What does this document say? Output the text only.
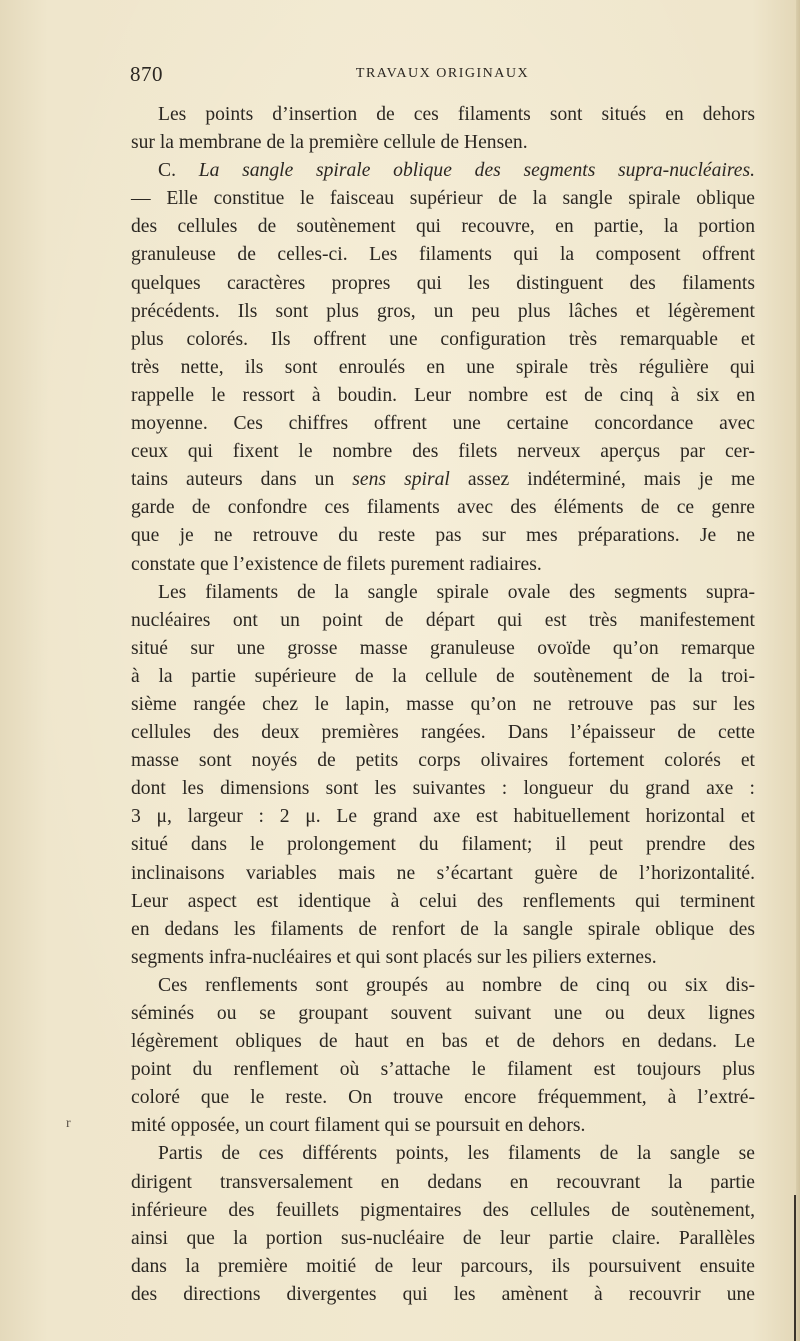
870	TRAVAUX ORIGINAUX
Les points d’insertion de ces filaments sont situés en dehors
sur la membrane de la première cellule de Hensen.
C. La sangle spirale oblique des segments supra-nucléaires.
— Elle constitue le faisceau supérieur de la sangle spirale oblique
des cellules de soutènement qui recouvre, en partie, la portion
granuleuse de celles-ci. Les filaments qui la composent offrent
quelques caractères propres qui les distinguent des filaments
précédents. Ils sont plus gros, un peu plus lâches et légèrement
plus colorés. Ils offrent une configuration très remarquable et
très nette, ils sont enroulés en une spirale très régulière qui
rappelle le ressort à boudin. Leur nombre est de cinq à six en
moyenne. Ces chiffres offrent une certaine concordance avec
ceux qui fixent le nombre des filets nerveux aperçus par cer-
tains auteurs dans un sens spiral assez indéterminé, mais je me
garde de confondre ces filaments avec des éléments de ce genre
que je ne retrouve du reste pas sur mes préparations. Je ne
constate que l’existence de filets purement radiaires.
Les filaments de la sangle spirale ovale des segments supra-
nucléaires ont un point de départ qui est très manifestement
situé sur une grosse masse granuleuse ovoïde qu’on remarque
à la partie supérieure de la cellule de soutènement de la troi-
sième rangée chez le lapin, masse qu’on ne retrouve pas sur les
cellules des deux premières rangées. Dans l’épaisseur de cette
masse sont noyés de petits corps olivaires fortement colorés et
dont les dimensions sont les suivantes : longueur du grand axe :
3 μ, largeur : 2 μ. Le grand axe est habituellement horizontal et
situé dans le prolongement du filament; il peut prendre des
inclinaisons variables mais ne s’écartant guère de l’horizontalité.
Leur aspect est identique à celui des renflements qui terminent
en dedans les filaments de renfort de la sangle spirale oblique des
segments infra-nucléaires et qui sont placés sur les piliers externes.
Ces renflements sont groupés au nombre de cinq ou six dis-
séminés ou se groupant souvent suivant une ou deux lignes
légèrement obliques de haut en bas et de dehors en dedans. Le
point du renflement où s’attache le filament est toujours plus
coloré que le reste. On trouve encore fréquemment, à l’extré-
mité opposée, un court filament qui se poursuit en dehors.
Partis de ces différents points, les filaments de la sangle se
dirigent transversalement en dedans en recouvrant la partie
inférieure des feuillets pigmentaires des cellules de soutènement,
ainsi que la portion sus-nucléaire de leur partie claire. Parallèles
dans la première moitié de leur parcours, ils poursuivent ensuite
des directions divergentes qui les amènent à recouvrir une
r
